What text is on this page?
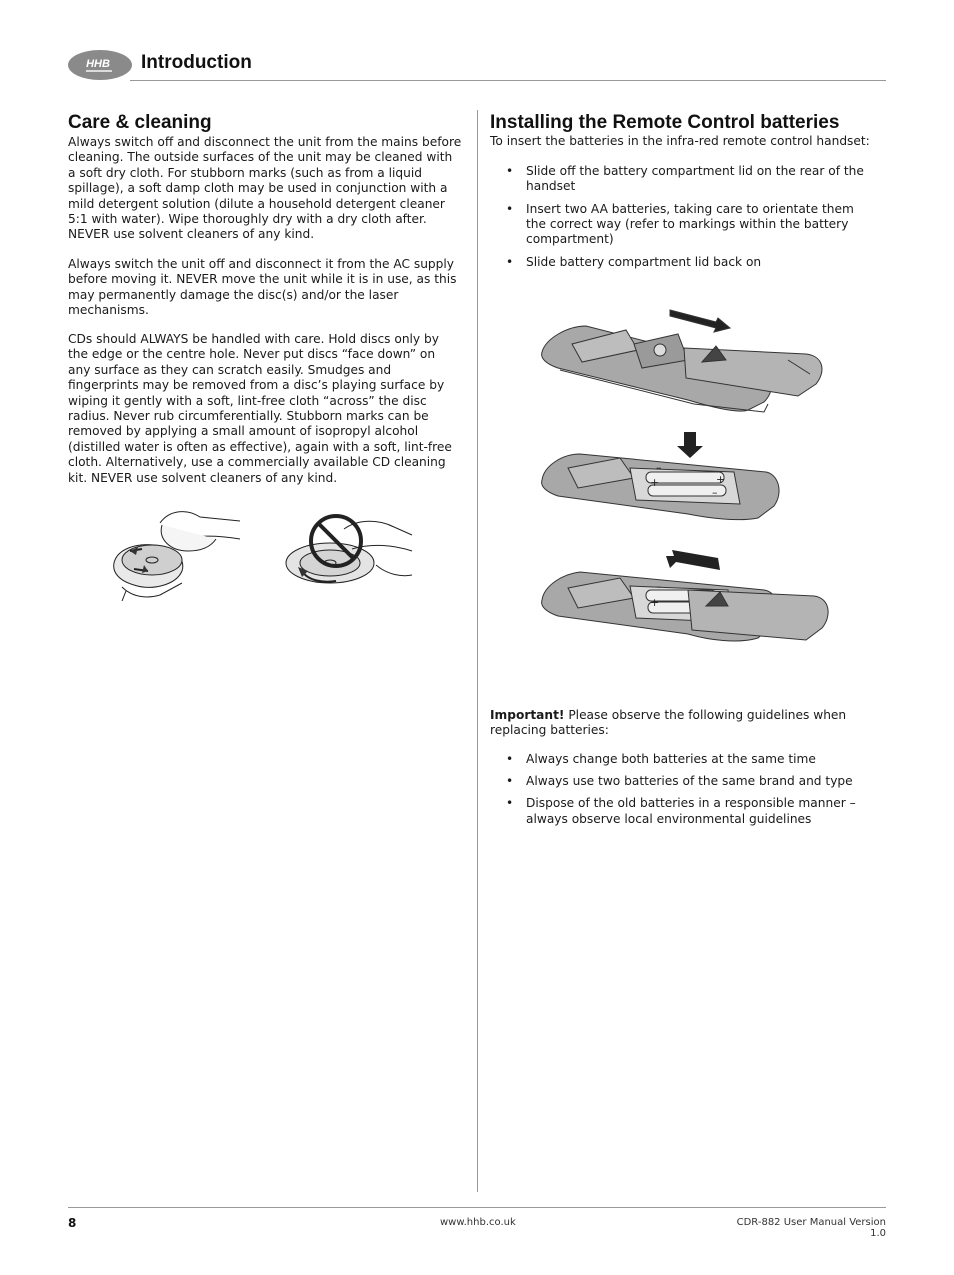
HHB Introduction
Care & cleaning

Always switch off and disconnect the unit from the mains before cleaning. The outside surfaces of the unit may be cleaned with a soft dry cloth. For stubborn marks (such as from a liquid spillage), a soft damp cloth may be used in conjunction with a mild detergent solution (dilute a household detergent cleaner 5:1 with water). Wipe thoroughly dry with a dry cloth after. NEVER use solvent cleaners of any kind.

Always switch the unit off and disconnect it from the AC supply before moving it. NEVER move the unit while it is in use, as this may permanently damage the disc(s) and/or the laser mechanisms.

CDs should ALWAYS be handled with care. Hold discs only by the edge or the centre hole. Never put discs “face down” on any surface as they can scratch easily. Smudges and fingerprints may be removed from a disc’s playing surface by wiping it gently with a soft, lint-free cloth “across” the disc radius. Never rub circumferentially. Stubborn marks can be removed by applying a small amount of isopropyl alcohol (distilled water is often as effective), again with a soft, lint-free cloth. Alternatively, use a commercially available CD cleaning kit. NEVER use solvent cleaners of any kind.

Installing the Remote Control batteries

To insert the batteries in the infra-red remote control handset:

• Slide off the battery compartment lid on the rear of the handset
• Insert two AA batteries, taking care to orientate them the correct way (refer to markings within the battery compartment)
• Slide battery compartment lid back on
–
+
+
–
–
+

Important! Please observe the following guidelines when replacing batteries:

• Always change both batteries at the same time
• Always use two batteries of the same brand and type
• Dispose of the old batteries in a responsible manner – always observe local environmental guidelines
8	www.hhb.co.uk	CDR-882 User Manual Version 1.0
